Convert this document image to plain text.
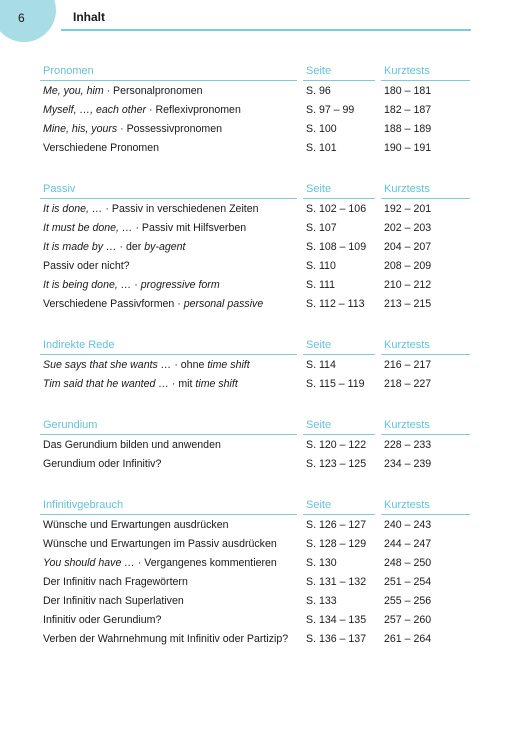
6	Inhalt
Pronomen	Seite	Kurztests
Me, you, him · Personalpronomen	S. 96	180 – 181
Myself, …, each other · Reflexivpronomen	S. 97 – 99	182 – 187
Mine, his, yours · Possessivpronomen	S. 100	188 – 189
Verschiedene Pronomen	S. 101	190 – 191
Passiv	Seite	Kurztests
It is done, … · Passiv in verschiedenen Zeiten	S. 102 – 106	192 – 201
It must be done, … · Passiv mit Hilfsverben	S. 107	202 – 203
It is made by … · der by-agent	S. 108 – 109	204 – 207
Passiv oder nicht?	S. 110	208 – 209
It is being done, … · progressive form	S. 111	210 – 212
Verschiedene Passivformen · personal passive	S. 112 – 113	213 – 215
Indirekte Rede	Seite	Kurztests
Sue says that she wants … · ohne time shift	S. 114	216 – 217
Tim said that he wanted … · mit time shift	S. 115 – 119	218 – 227
Gerundium	Seite	Kurztests
Das Gerundium bilden und anwenden	S. 120 – 122	228 – 233
Gerundium oder Infinitiv?	S. 123 – 125	234 – 239
Infinitivgebrauch	Seite	Kurztests
Wünsche und Erwartungen ausdrücken	S. 126 – 127	240 – 243
Wünsche und Erwartungen im Passiv ausdrücken	S. 128 – 129	244 – 247
You should have … · Vergangenes kommentieren	S. 130	248 – 250
Der Infinitiv nach Fragewörtern	S. 131 – 132	251 – 254
Der Infinitiv nach Superlativen	S. 133	255 – 256
Infinitiv oder Gerundium?	S. 134 – 135	257 – 260
Verben der Wahrnehmung mit Infinitiv oder Partizip?	S. 136 – 137	261 – 264
